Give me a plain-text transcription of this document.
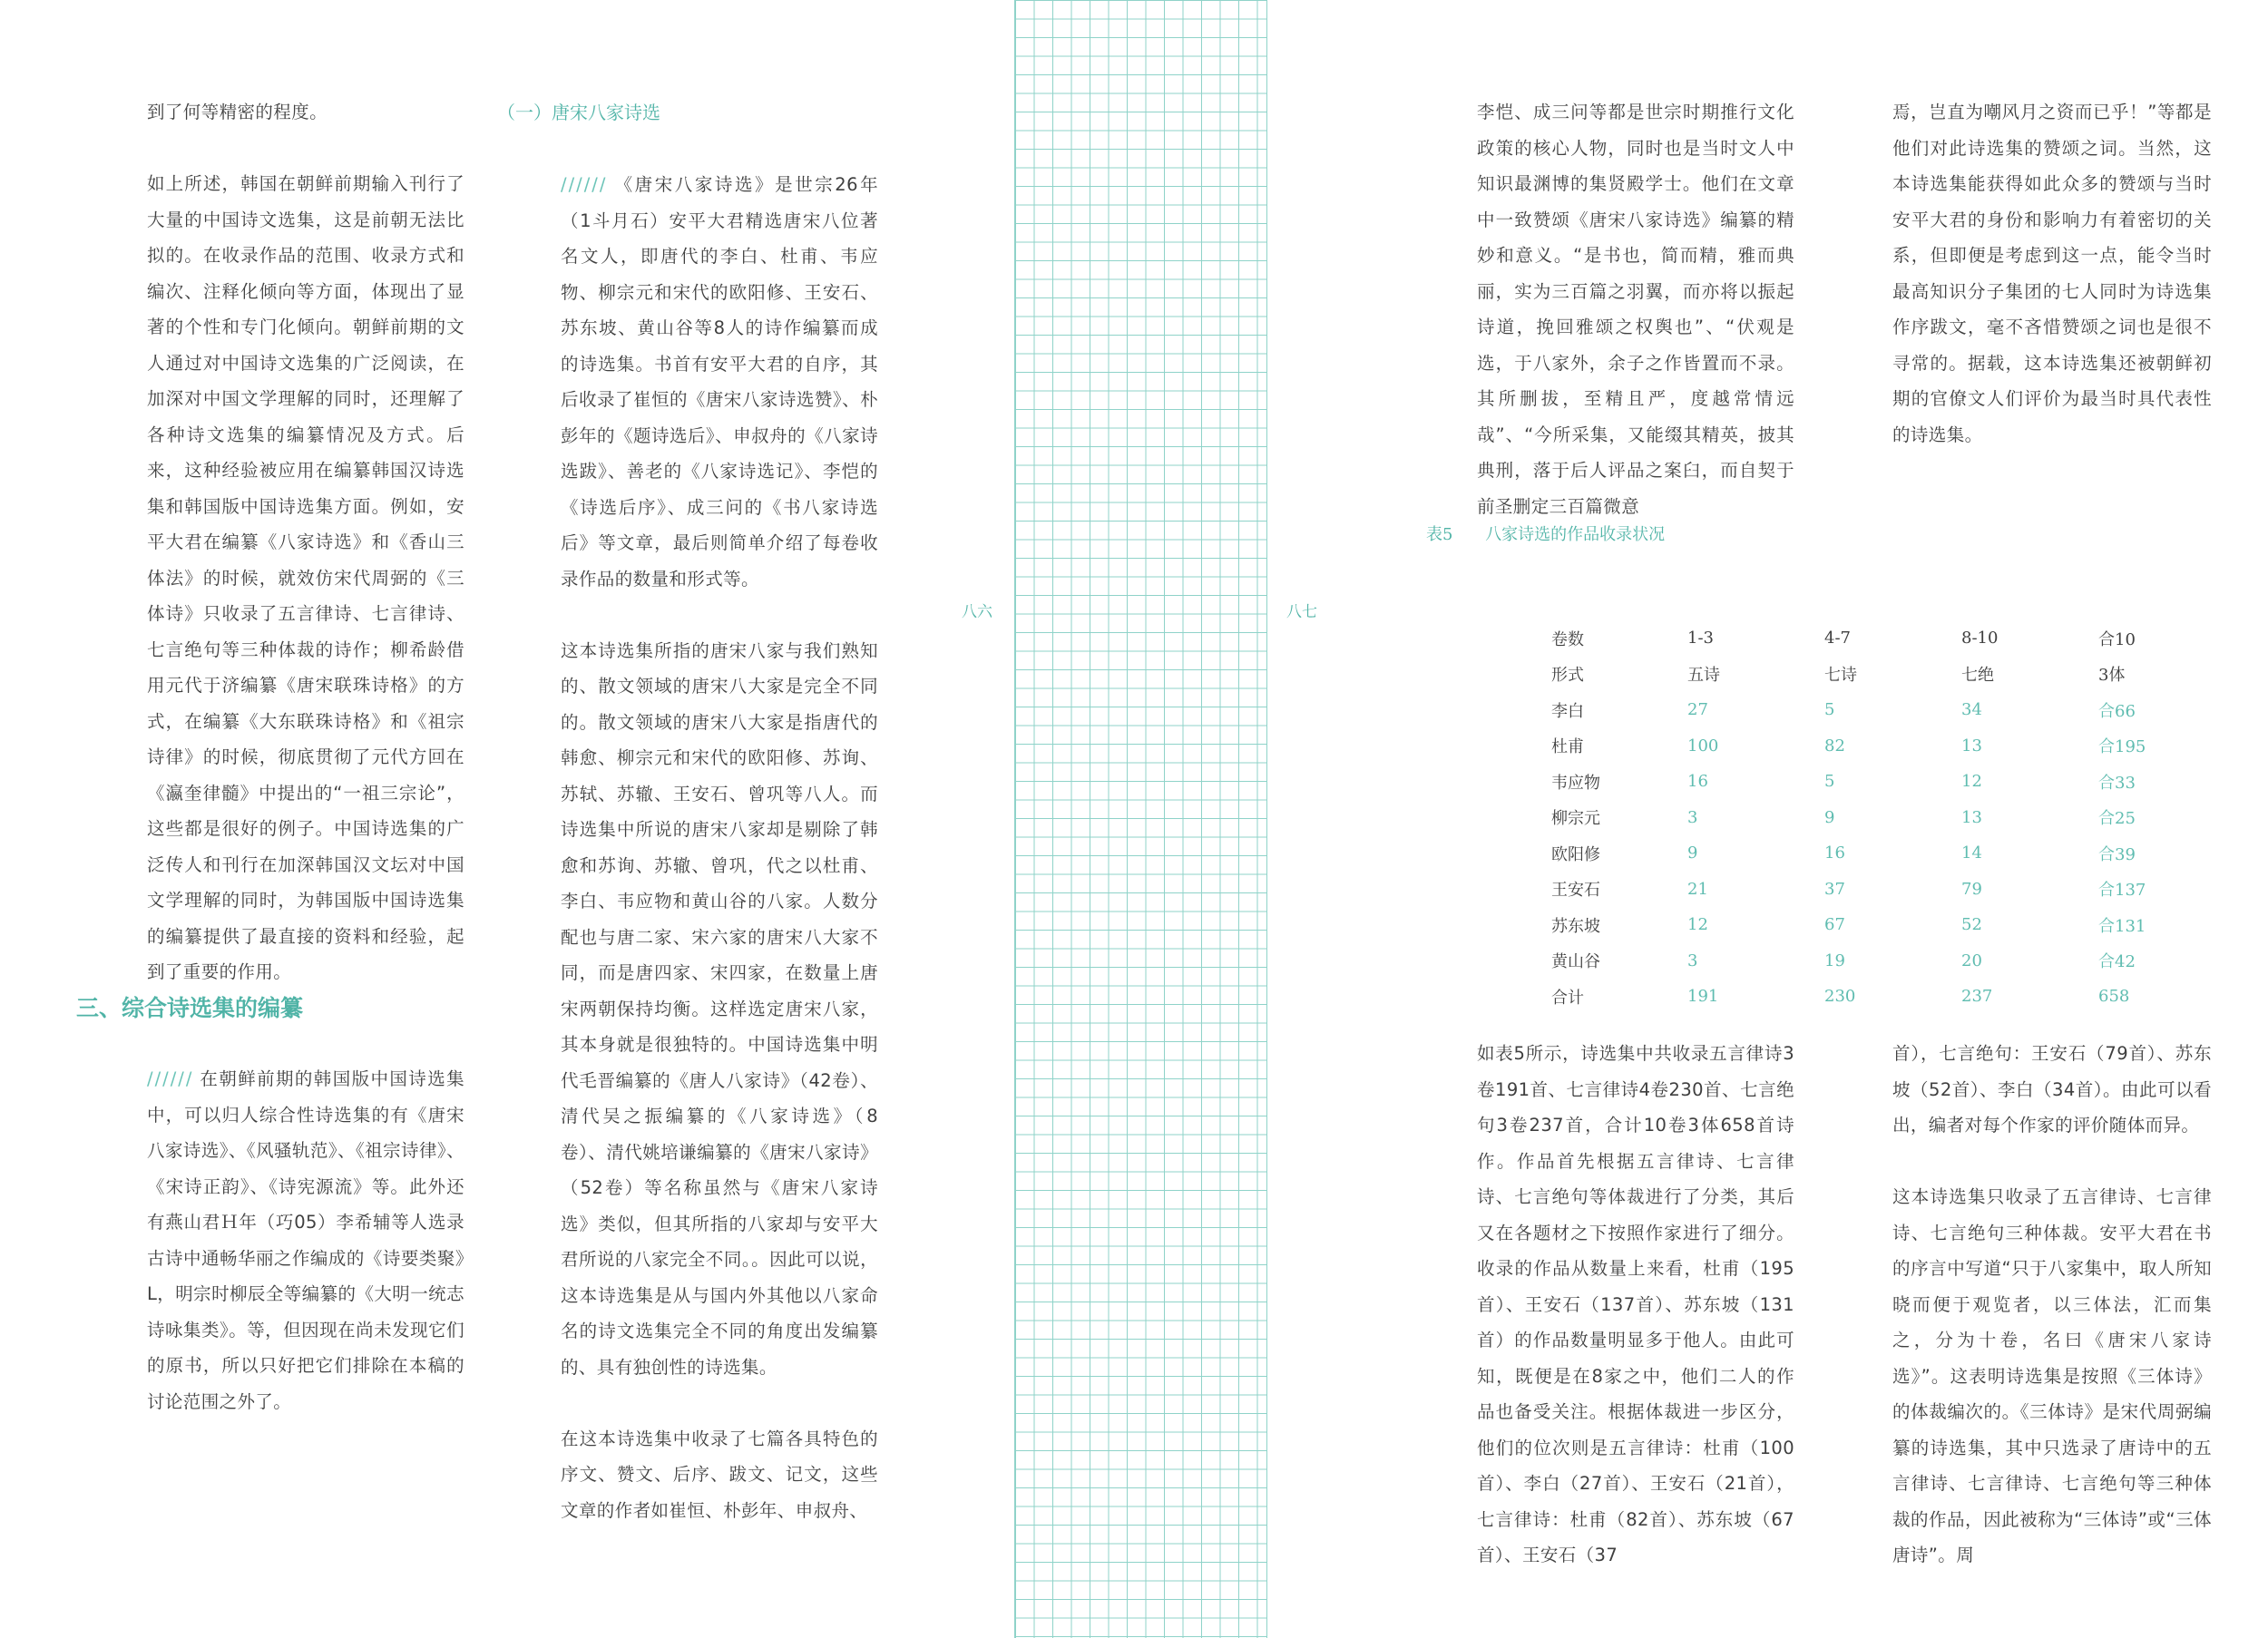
到了何等精密的程度。

如上所述，韩国在朝鲜前期输入刊行了大量的中国诗文选集，这是前朝无法比拟的。在收录作品的范围、收录方式和编次、注释化倾向等方面，体现出了显著的个性和专门化倾向。朝鲜前期的文人通过对中国诗文选集的广泛阅读，在加深对中国文学理解的同时，还理解了各种诗文选集的编纂情况及方式。后来，这种经验被应用在编纂韩国汉诗选集和韩国版中国诗选集方面。例如，安平大君在编纂《八家诗选》和《香山三体法》的时候，就效仿宋代周弼的《三体诗》只收录了五言律诗、七言律诗、七言绝句等三种体裁的诗作；柳希龄借用元代于济编纂《唐宋联珠诗格》的方式，在编纂《大东联珠诗格》和《祖宗诗律》的时候，彻底贯彻了元代方回在《瀛奎律髓》中提出的“一祖三宗论”，这些都是很好的例子。中国诗选集的广泛传人和刊行在加深韩国汉文坛对中国文学理解的同时，为韩国版中国诗选集的编纂提供了最直接的资料和经验，起到了重要的作用。

三、综合诗选集的编纂

////// 在朝鲜前期的韩国版中国诗选集中，可以归人综合性诗选集的有《唐宋八家诗选》、《风骚轨范》、《祖宗诗律》、《宋诗正韵》、《诗宪源流》等。此外还有燕山君Ｈ年（巧05）李希辅等人选录古诗中通畅华丽之作编成的《诗要类聚》L，明宗时柳辰全等编纂的《大明一统志诗咏集类》。等，但因现在尚未发现它们的原书，所以只好把它们排除在本稿的讨论范围之外了。

（一）唐宋八家诗选

////// 《唐宋八家诗选》是世宗26年（1斗月石）安平大君精选唐宋八位著名文人，即唐代的李白、杜甫、韦应物、柳宗元和宋代的欧阳修、王安石、苏东坡、黄山谷等8人的诗作编纂而成的诗选集。书首有安平大君的自序，其后收录了崔恒的《唐宋八家诗选赞》、朴彭年的《题诗选后》、申叔舟的《八家诗选跋》、善老的《八家诗选记》、李恺的《诗选后序》、成三问的《书八家诗选后》等文章，最后则简单介绍了每卷收录作品的数量和形式等。

这本诗选集所指的唐宋八家与我们熟知的、散文领域的唐宋八大家是完全不同的。散文领域的唐宋八大家是指唐代的韩愈、柳宗元和宋代的欧阳修、苏询、苏轼、苏辙、王安石、曾巩等八人。而诗选集中所说的唐宋八家却是剔除了韩愈和苏询、苏辙、曾巩，代之以杜甫、李白、韦应物和黄山谷的八家。人数分配也与唐二家、宋六家的唐宋八大家不同，而是唐四家、宋四家，在数量上唐宋两朝保持均衡。这样选定唐宋八家，其本身就是很独特的。中国诗选集中明代毛晋编纂的《唐人八家诗》（42卷）、清代吴之振编纂的《八家诗选》（8卷）、清代姚培谦编纂的《唐宋八家诗》（52卷）等名称虽然与《唐宋八家诗选》类似，但其所指的八家却与安平大君所说的八家完全不同。。因此可以说，这本诗选集是从与国内外其他以八家命名的诗文选集完全不同的角度出发编纂的、具有独创性的诗选集。

在这本诗选集中收录了七篇各具特色的序文、赞文、后序、跋文、记文，这些文章的作者如崔恒、朴彭年、申叔舟、

八六	八七

李恺、成三问等都是世宗时期推行文化政策的核心人物，同时也是当时文人中知识最渊博的集贤殿学士。他们在文章中一致赞颂《唐宋八家诗选》编纂的精妙和意义。“是书也，简而精，雅而典丽，实为三百篇之羽翼，而亦将以振起诗道，挽回雅颂之权舆也”、“伏观是选，于八家外，余子之作皆置而不录。其所删拔，至精且严，度越常情远哉”、“今所采集，又能缀其精英，披其典刑，落于后人评品之案臼，而自契于前圣删定三百篇微意

焉，岂直为嘲风月之资而已乎！”等都是他们对此诗选集的赞颂之词。当然，这本诗选集能获得如此众多的赞颂与当时安平大君的身份和影响力有着密切的关系，但即便是考虑到这一点，能令当时最高知识分子集团的七人同时为诗选集作序跋文，毫不吝惜赞颂之词也是很不寻常的。据载，这本诗选集还被朝鲜初期的官僚文人们评价为最当时具代表性的诗选集。

表5 八家诗选的作品收录状况
卷数	1-3	4-7	8-10	合10
形式	五诗	七诗	七绝	3体
李白	27	5	34	合66
杜甫	100	82	13	合195
韦应物	16	5	12	合33
柳宗元	3	9	13	合25
欧阳修	9	16	14	合39
王安石	21	37	79	合137
苏东坡	12	67	52	合131
黄山谷	3	19	20	合42
合计	191	230	237	658

如表5所示，诗选集中共收录五言律诗3卷191首、七言律诗4卷230首、七言绝句3卷237首，合计10卷3体658首诗作。作品首先根据五言律诗、七言律诗、七言绝句等体裁进行了分类，其后又在各题材之下按照作家进行了细分。收录的作品从数量上来看，杜甫（195首）、王安石（137首）、苏东坡（131首）的作品数量明显多于他人。由此可知，既便是在8家之中，他们二人的作品也备受关注。根据体裁进一步区分，他们的位次则是五言律诗：杜甫（100首）、李白（27首）、王安石（21首），七言律诗：杜甫（82首）、苏东坡（67首）、王安石（37

首），七言绝句：王安石（79首）、苏东坡（52首）、李白（34首）。由此可以看出，编者对每个作家的评价随体而异。

这本诗选集只收录了五言律诗、七言律诗、七言绝句三种体裁。安平大君在书的序言中写道“只于八家集中，取人所知晓而便于观览者，以三体法，汇而集之，分为十卷，名曰《唐宋八家诗选》”。这表明诗选集是按照《三体诗》的体裁编次的。《三体诗》是宋代周弼编纂的诗选集，其中只选录了唐诗中的五言律诗、七言律诗、七言绝句等三种体裁的作品，因此被称为“三体诗”或“三体唐诗”。周
